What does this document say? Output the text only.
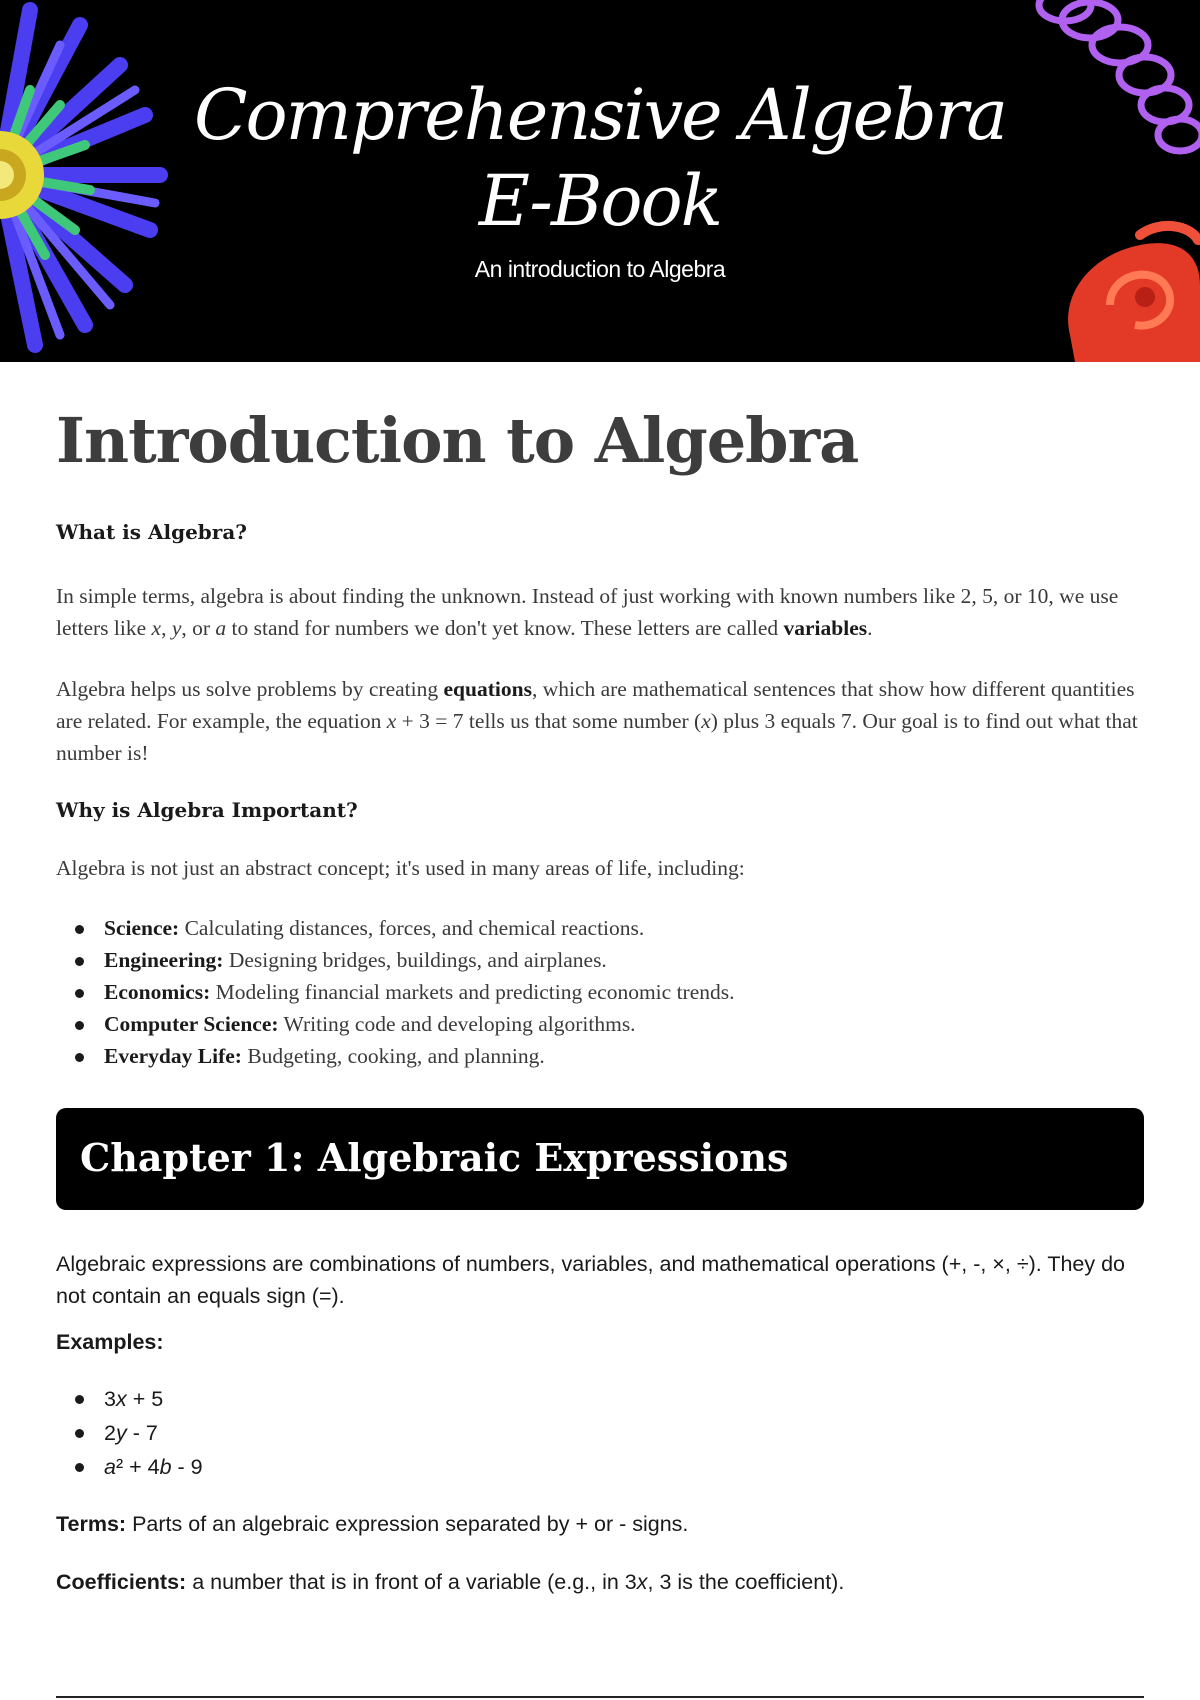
Comprehensive Algebra E-Book
An introduction to Algebra
Introduction to Algebra
What is Algebra?

In simple terms, algebra is about finding the unknown. Instead of just working with known numbers like 2, 5, or 10, we use letters like x, y, or a to stand for numbers we don't yet know. These letters are called variables.

Algebra helps us solve problems by creating equations, which are mathematical sentences that show how different quantities are related. For example, the equation x + 3 = 7 tells us that some number (x) plus 3 equals 7. Our goal is to find out what that number is!

Why is Algebra Important?

Algebra is not just an abstract concept; it's used in many areas of life, including:

Science: Calculating distances, forces, and chemical reactions.
Engineering: Designing bridges, buildings, and airplanes.
Economics: Modeling financial markets and predicting economic trends.
Computer Science: Writing code and developing algorithms.
Everyday Life: Budgeting, cooking, and planning.
Chapter 1: Algebraic Expressions

Algebraic expressions are combinations of numbers, variables, and mathematical operations (+, -, ×, ÷). They do not contain an equals sign (=).

Examples:

3x + 5
2y - 7
a² + 4b - 9

Terms: Parts of an algebraic expression separated by + or - signs.

Coefficients: a number that is in front of a variable (e.g., in 3x, 3 is the coefficient).
